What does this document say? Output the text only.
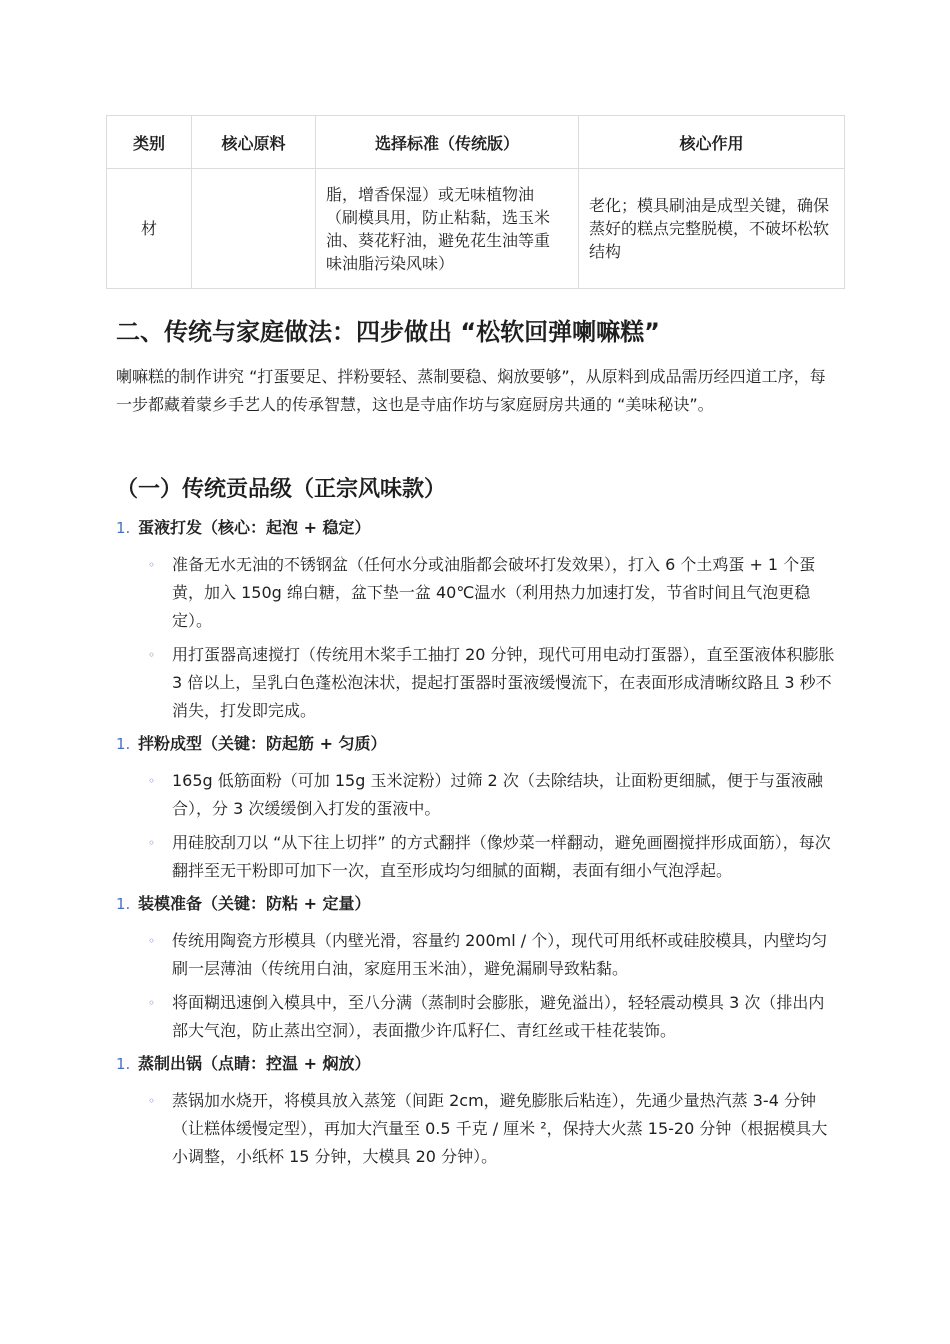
类别	核心原料	选择标准（传统版）	核心作用
材		脂，增香保湿）或无味植物油（刷模具用，防止粘黏，选玉米油、葵花籽油，避免花生油等重味油脂污染风味）	老化；模具刷油是成型关键，确保蒸好的糕点完整脱模，不破坏松软结构
二、传统与家庭做法：四步做出 “松软回弹喇嘛糕”

喇嘛糕的制作讲究 “打蛋要足、拌粉要轻、蒸制要稳、焖放要够”，从原料到成品需历经四道工序，每一步都藏着蒙乡手艺人的传承智慧，这也是寺庙作坊与家庭厨房共通的 “美味秘诀”。

（一）传统贡品级（正宗风味款）
1. 蛋液打发（核心：起泡 + 稳定）
◦	准备无水无油的不锈钢盆（任何水分或油脂都会破坏打发效果），打入 6 个土鸡蛋 + 1 个蛋黄，加入 150g 绵白糖，盆下垫一盆 40℃温水（利用热力加速打发，节省时间且气泡更稳定）。
◦	用打蛋器高速搅打（传统用木桨手工抽打 20 分钟，现代可用电动打蛋器），直至蛋液体积膨胀 3 倍以上，呈乳白色蓬松泡沫状，提起打蛋器时蛋液缓慢流下，在表面形成清晰纹路且 3 秒不消失，打发即完成。
1. 拌粉成型（关键：防起筋 + 匀质）
◦	165g 低筋面粉（可加 15g 玉米淀粉）过筛 2 次（去除结块，让面粉更细腻，便于与蛋液融合），分 3 次缓缓倒入打发的蛋液中。
◦	用硅胶刮刀以 “从下往上切拌” 的方式翻拌（像炒菜一样翻动，避免画圈搅拌形成面筋），每次翻拌至无干粉即可加下一次，直至形成均匀细腻的面糊，表面有细小气泡浮起。
1. 装模准备（关键：防粘 + 定量）
◦	传统用陶瓷方形模具（内壁光滑，容量约 200ml / 个），现代可用纸杯或硅胶模具，内壁均匀刷一层薄油（传统用白油，家庭用玉米油），避免漏刷导致粘黏。
◦	将面糊迅速倒入模具中，至八分满（蒸制时会膨胀，避免溢出），轻轻震动模具 3 次（排出内部大气泡，防止蒸出空洞），表面撒少许瓜籽仁、青红丝或干桂花装饰。
1. 蒸制出锅（点睛：控温 + 焖放）
◦	蒸锅加水烧开，将模具放入蒸笼（间距 2cm，避免膨胀后粘连），先通少量热汽蒸 3-4 分钟（让糕体缓慢定型），再加大汽量至 0.5 千克 / 厘米 ²，保持大火蒸 15-20 分钟（根据模具大小调整，小纸杯 15 分钟，大模具 20 分钟）。
